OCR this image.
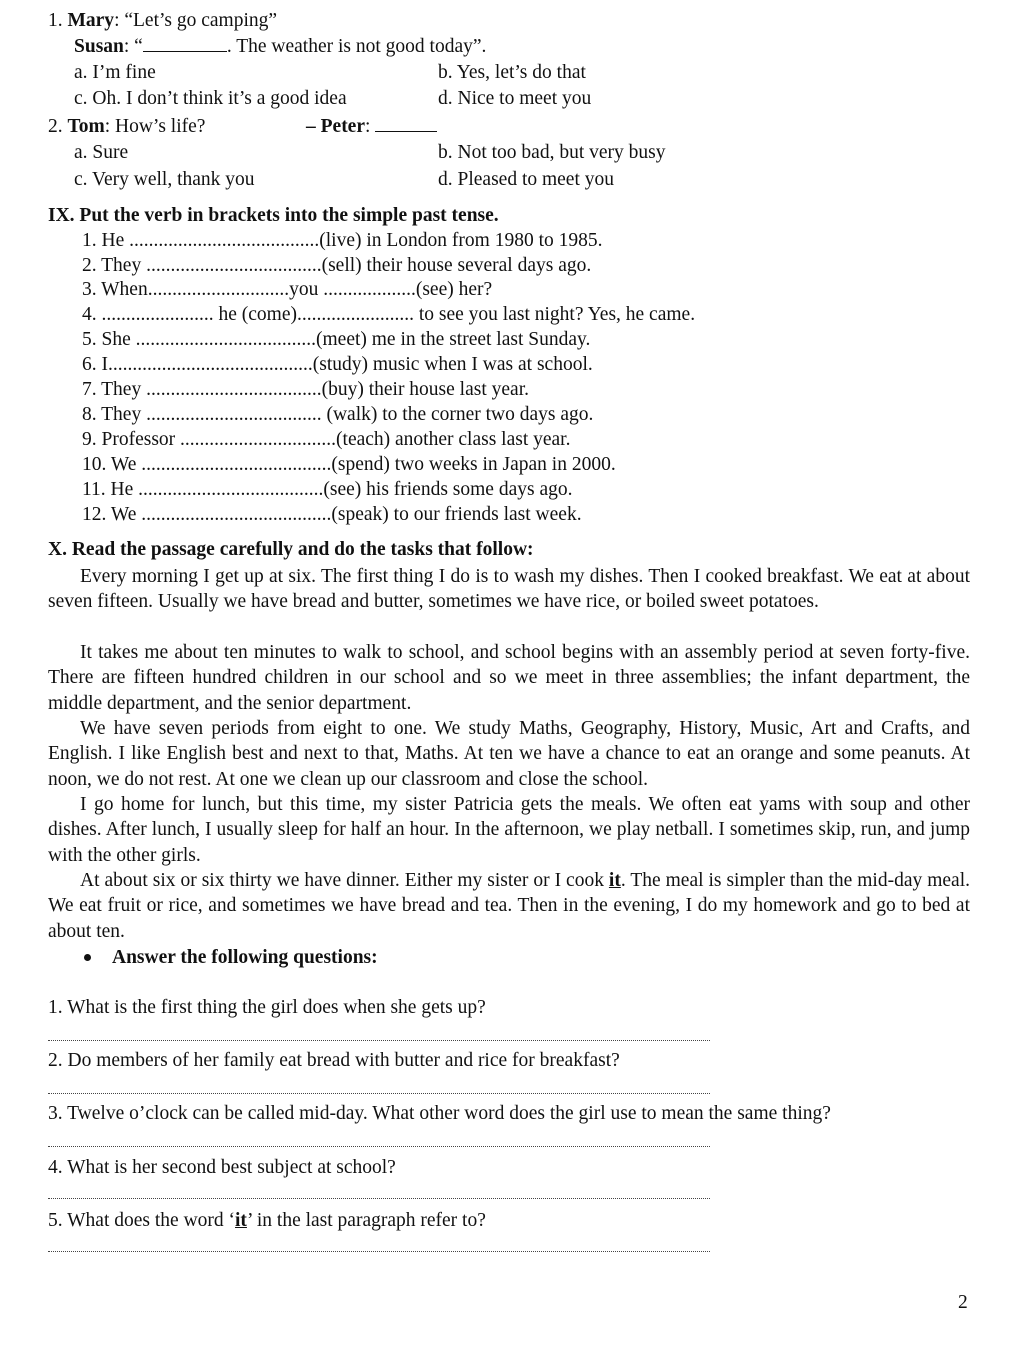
1. Mary: “Let’s go camping”
Susan: “	. The weather is not good today”.
a. I’m fine	b. Yes, let’s do that
c. Oh. I don’t think it’s a good idea	d. Nice to meet you
2. Tom: How’s life?	– Peter:
a. Sure	b. Not too bad, but very busy
c. Very well, thank you	d. Pleased to meet you
IX. Put the verb in brackets into the simple past tense.
1. He .......................................(live) in London from 1980 to 1985.
2. They ....................................(sell) their house several days ago.
3. When.............................you ...................(see) her?
4. ....................... he (come)........................ to see you last night? Yes, he came.
5. She .....................................(meet) me in the street last Sunday.
6. I..........................................(study) music when I was at school.
7. They ....................................(buy) their house last year.
8. They .................................... (walk) to the corner two days ago.
9. Professor ................................(teach) another class last year.
10. We .......................................(spend) two weeks in Japan in 2000.
11. He ......................................(see) his friends some days ago.
12. We .......................................(speak) to our friends last week.
X. Read the passage carefully and do the tasks that follow:
Every morning I get up at six. The first thing I do is to wash my dishes. Then I cooked breakfast. We eat at about seven fifteen. Usually we have bread and butter, sometimes we have rice, or boiled sweet potatoes.
It takes me about ten minutes to walk to school, and school begins with an assembly period at seven forty-five. There are fifteen hundred children in our school and so we meet in three assemblies; the infant department, the middle department, and the senior department.
We have seven periods from eight to one. We study Maths, Geography, History, Music, Art and Crafts, and English. I like English best and next to that, Maths. At ten we have a chance to eat an orange and some peanuts. At noon, we do not rest. At one we clean up our classroom and close the school.
I go home for lunch, but this time, my sister Patricia gets the meals. We often eat yams with soup and other dishes. After lunch, I usually sleep for half an hour. In the afternoon, we play netball. I sometimes skip, run, and jump with the other girls.
At about six or six thirty we have dinner. Either my sister or I cook it. The meal is simpler than the mid-day meal. We eat fruit or rice, and sometimes we have bread and tea. Then in the evening, I do my homework and go to bed at about ten.
Answer the following questions:
1. What is the first thing the girl does when she gets up?
2. Do members of her family eat bread with butter and rice for breakfast?
3. Twelve o’clock can be called mid-day. What other word does the girl use to mean the same thing?
4. What is her second best subject at school?
5. What does the word ‘it’ in the last paragraph refer to?
2
